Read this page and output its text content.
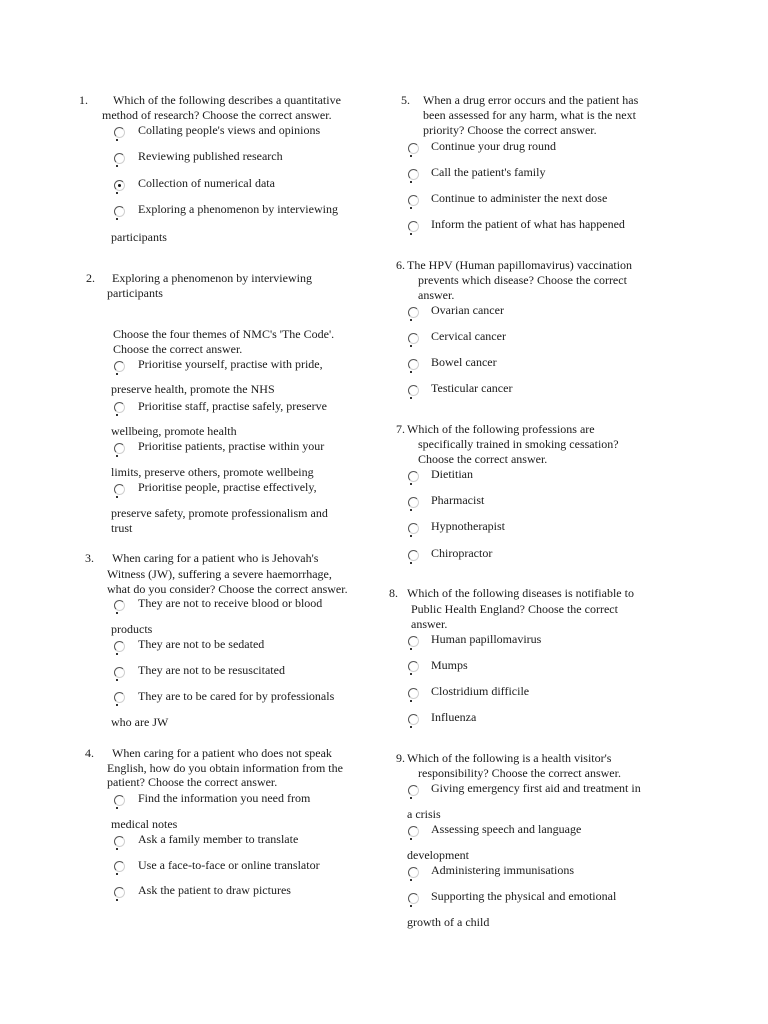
1. Which of the following describes a quantitative
method of research? Choose the correct answer.
Collating people's views and opinions
Reviewing published research
Collection of numerical data
Exploring a phenomenon by interviewing
participants
2. Exploring a phenomenon by interviewing
participants
Choose the four themes of NMC's 'The Code'.
Choose the correct answer.
Prioritise yourself, practise with pride,
preserve health, promote the NHS
Prioritise staff, practise safely, preserve
wellbeing, promote health
Prioritise patients, practise within your
limits, preserve others, promote wellbeing
Prioritise people, practise effectively,
preserve safety, promote professionalism and
trust
3. When caring for a patient who is Jehovah's
Witness (JW), suffering a severe haemorrhage,
what do you consider? Choose the correct answer.
They are not to receive blood or blood
products
They are not to be sedated
They are not to be resuscitated
They are to be cared for by professionals
who are JW
4. When caring for a patient who does not speak
English, how do you obtain information from the
patient? Choose the correct answer.
Find the information you need from
medical notes
Ask a family member to translate
Use a face-to-face or online translator
Ask the patient to draw pictures
5. When a drug error occurs and the patient has
been assessed for any harm, what is the next
priority? Choose the correct answer.
Continue your drug round
Call the patient's family
Continue to administer the next dose
Inform the patient of what has happened
6. The HPV (Human papillomavirus) vaccination
prevents which disease? Choose the correct
answer.
Ovarian cancer
Cervical cancer
Bowel cancer
Testicular cancer
7. Which of the following professions are
specifically trained in smoking cessation?
Choose the correct answer.
Dietitian
Pharmacist
Hypnotherapist
Chiropractor
8. Which of the following diseases is notifiable to
Public Health England? Choose the correct
answer.
Human papillomavirus
Mumps
Clostridium difficile
Influenza
9. Which of the following is a health visitor's
responsibility? Choose the correct answer.
Giving emergency first aid and treatment in
a crisis
Assessing speech and language
development
Administering immunisations
Supporting the physical and emotional
growth of a child
